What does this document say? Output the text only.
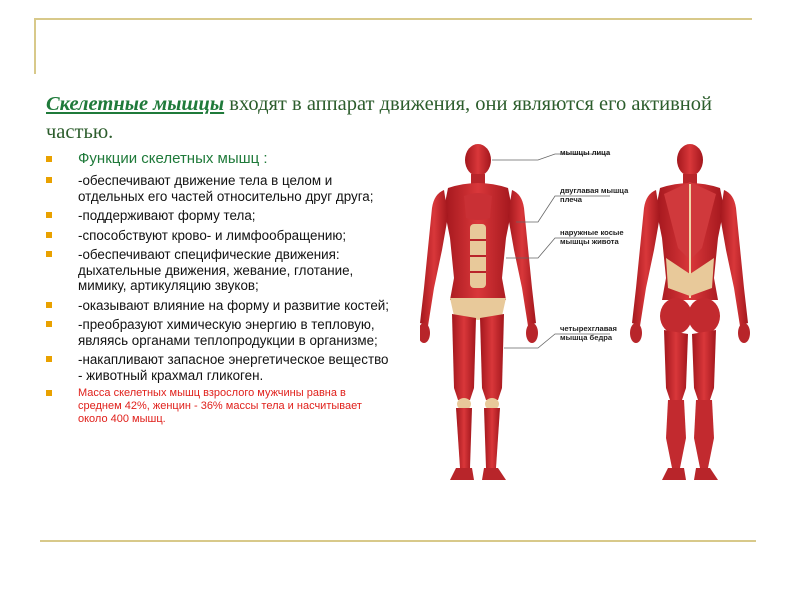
Скелетные мышцы входят в аппарат движения, они являются его активной частью.
Функции скелетных мышц :
-обеспечивают движение тела в целом и отдельных его частей относительно друг друга;
-поддерживают форму тела;
-способствуют крово- и лимфообращению;
-обеспечивают специфические движения: дыхательные движения, жевание, глотание, мимику, артикуляцию звуков;
-оказывают влияние на форму и развитие костей;
-преобразуют химическую энергию в тепловую, являясь органами теплопродукции в организме;
-накапливают запасное энергетическое вещество - животный крахмал гликоген.
Масса скелетных мышц взрослого мужчины равна в среднем 42%, женцин - 36% массы тела и насчитывает около 400 мышц.
мышцы лица
двуглавая мышца плеча
наружные косые мышцы живота
четырехглавая мышца бедра
